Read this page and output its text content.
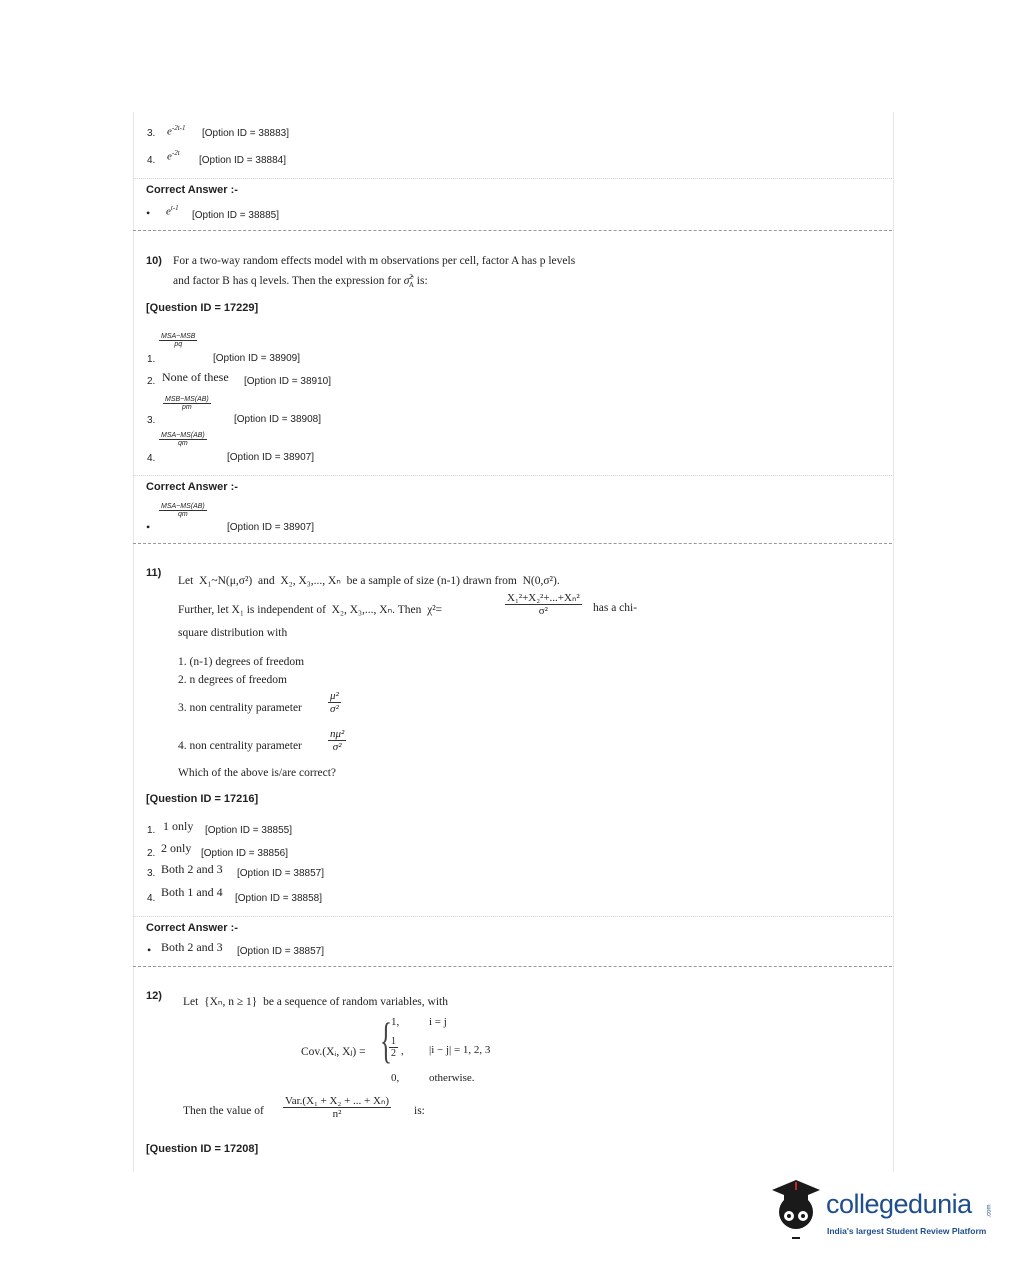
3. $e^{-2t-1}$ [Option ID = 38883]
4. $e^{-2t}$
[Option ID = 38884]
Correct Answer :-
• $e^{t-1}$
[Option ID = 38885]
10) For a two-way random effects model with m observations per cell, factor A has p levels
and factor B has q levels. Then the expression for σ̂$^2_A$ is:
[Question ID = 17229]
1.
MSA−MSB
pq
[Option ID = 38909]
2. None of these [Option ID = 38910]
3.
MSB−MS(AB)
pm
[Option ID = 38908]
4.
MSA−MS(AB)
qm
[Option ID = 38907]
Correct Answer :-
•
MSA−MS(AB)
qm
[Option ID = 38907]
11)
Let X₁~N(μ,σ²) and X₂, X₃,..., Xₙ be a sample of size (n-1) drawn from N(0,σ²).
Further, let X₁ is independent of X₂, X₃,..., Xₙ. Then χ²=
X₁²+X₂²+...+Xₙ²
σ²	has a chi-
square distribution with
1. (n-1) degrees of freedom
2. n degrees of freedom
3. non centrality parameter
μ²
σ²
4. non centrality parameter
nμ²
σ²
Which of the above is/are correct?
[Question ID = 17216]
1. 1 only [Option ID = 38855]
2. 2 only [Option ID = 38856]
3. Both 2 and 3 [Option ID = 38857]
4. Both 1 and 4 [Option ID = 38858]
Correct Answer :-
• Both 2 and 3 [Option ID = 38857]
12) Let {Xₙ, n ≥ 1} be a sequence of random variables, with
Cov.(Xᵢ, Xⱼ) = { 1,	i = j
1
2 , |i − j| = 1, 2, 3
0,	otherwise.
Then the value of
Var.(X₁ + X₂ + ... + Xₙ)
n²	is:
[Question ID = 17208]
collegedunia .com
India's largest Student Review Platform
